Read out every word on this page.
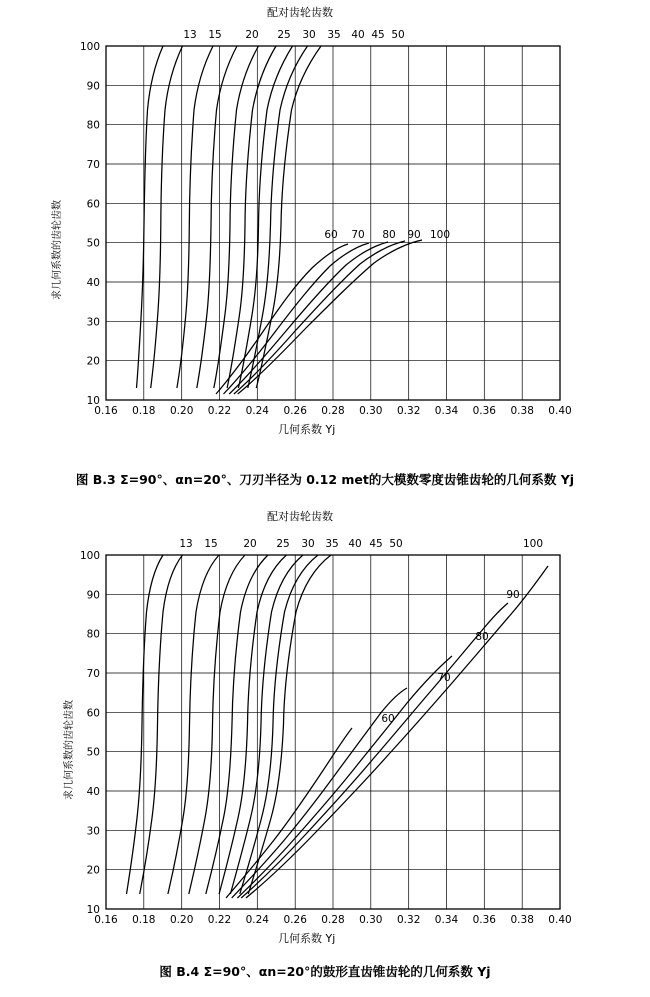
配对齿轮齿数
求几何系数的齿轮齿数
几何系数 Yj
10
20
30
40
50
60
70
80
90
100
0.16 0.18 0.20 0.22 0.24 0.26 0.28 0.30 0.32 0.34 0.36 0.38 0.40
13 15 20 25 30 35 40 45 50
60 70 80 90 100
图 B.3 Σ=90°、αn=20°、刀刃半径为 0.12 met的大模数零度齿锥齿轮的几何系数 Yj
配对齿轮齿数
10
20
30
40
50
60
70
80
90
100
0.16 0.18 0.20 0.22 0.24 0.26 0.28 0.30 0.32 0.34 0.36 0.38 0.40
13 15 20 25 30 35 40 45 50	100
90
80
70
60
几何系数 Yj
图 B.4 Σ=90°、αn=20°的鼓形直齿锥齿轮的几何系数 Yj
求几何系数的齿轮齿数
